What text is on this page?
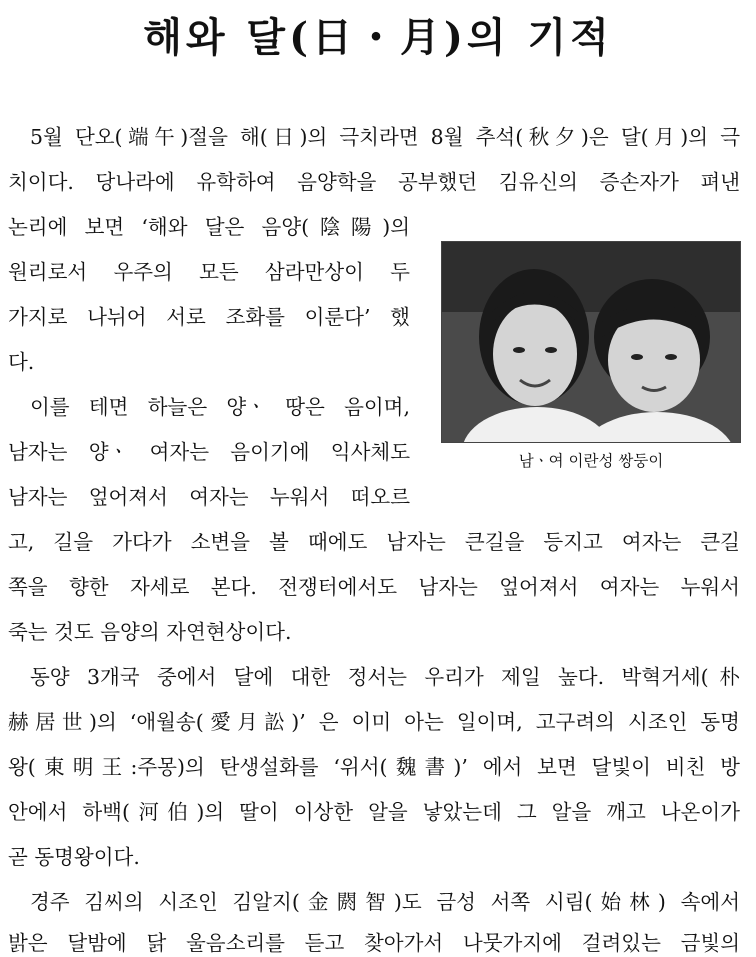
해와 달(日・月)의 기적
5월 단오(端午)절을 해(日)의 극치라면 8월 추석(秋夕)은 달(月)의 극
치이다. 당나라에 유학하여 음양학을 공부했던 김유신의 증손자가 펴낸
논리에 보면 ‘해와 달은 음양(陰陽)의
원리로서 우주의 모든 삼라만상이 두
가지로 나뉘어 서로 조화를 이룬다’ 했
다.
이를 테면 하늘은 양ㆍ 땅은 음이며,
남자는 양ㆍ 여자는 음이기에 익사체도
남자는 엎어져서 여자는 누워서 떠오르
고, 길을 가다가 소변을 볼 때에도 남자는 큰길을 등지고 여자는 큰길
쪽을 향한 자세로 본다. 전쟁터에서도 남자는 엎어져서 여자는 누워서
죽는 것도 음양의 자연현상이다.
동양 3개국 중에서 달에 대한 정서는 우리가 제일 높다. 박혁거세(朴
赫居世)의 ‘애월송(愛月訟)’ 은 이미 아는 일이며, 고구려의 시조인 동명
왕(東明王:주몽)의 탄생설화를 ‘위서(魏書)’ 에서 보면 달빛이 비친 방
안에서 하백(河伯)의 딸이 이상한 알을 낳았는데 그 알을 깨고 나온이가
곧 동명왕이다.
경주 김씨의 시조인 김알지(金閼智)도 금성 서쪽 시림(始林) 속에서
밝은 달밤에 닭 울음소리를 듣고 찾아가서 나뭇가지에 걸려있는 금빛의
남ㆍ여 이란성 쌍둥이
